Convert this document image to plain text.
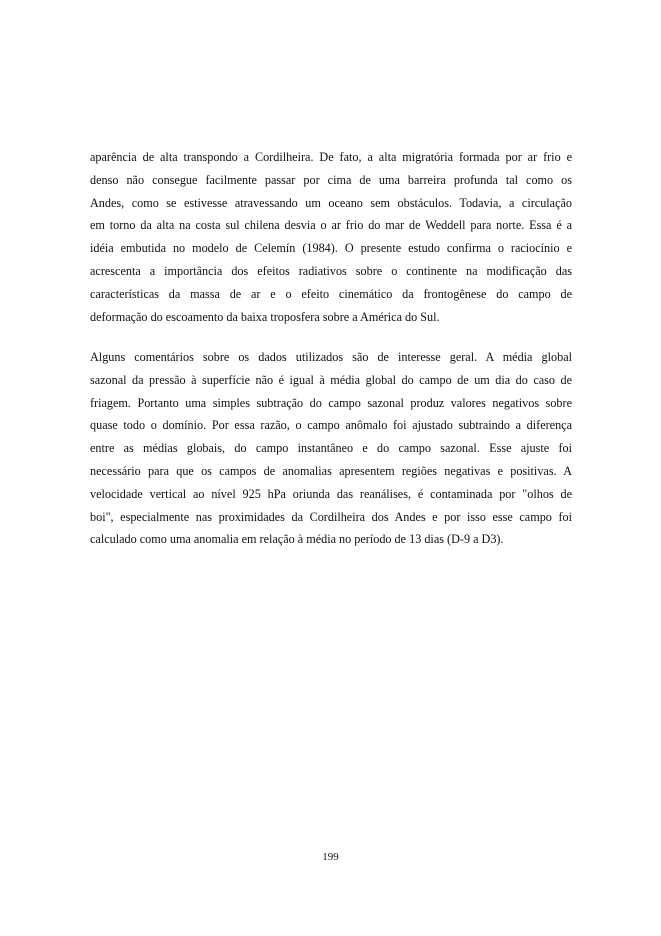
aparência de alta transpondo a Cordilheira. De fato, a alta migratória formada por ar frio e
denso não consegue facilmente passar por cima de uma barreira profunda tal como os
Andes, como se estivesse atravessando um oceano sem obstáculos. Todavia, a circulação
em torno da alta na costa sul chilena desvia o ar frio do mar de Weddell para norte. Essa é a
idéia embutida no modelo de Celemín (1984). O presente estudo confirma o raciocínio e
acrescenta a importância dos efeitos radiativos sobre o continente na modificação das
características da massa de ar e o efeito cinemático da frontogênese do campo de
deformação do escoamento da baixa troposfera sobre a América do Sul.
Alguns comentários sobre os dados utilizados são de interesse geral. A média global
sazonal da pressão à superfície não é igual à média global do campo de um dia do caso de
friagem. Portanto uma simples subtração do campo sazonal produz valores negativos sobre
quase todo o domínio. Por essa razão, o campo anômalo foi ajustado subtraindo a diferença
entre as médias globais, do campo instantâneo e do campo sazonal. Esse ajuste foi
necessário para que os campos de anomalias apresentem regiões negativas e positivas. A
velocidade vertical ao nível 925 hPa oriunda das reanálises, é contaminada por "olhos de
boi", especialmente nas proximidades da Cordilheira dos Andes e por isso esse campo foi
calculado como uma anomalia em relação à média no período de 13 dias (D-9 a D3).
199
